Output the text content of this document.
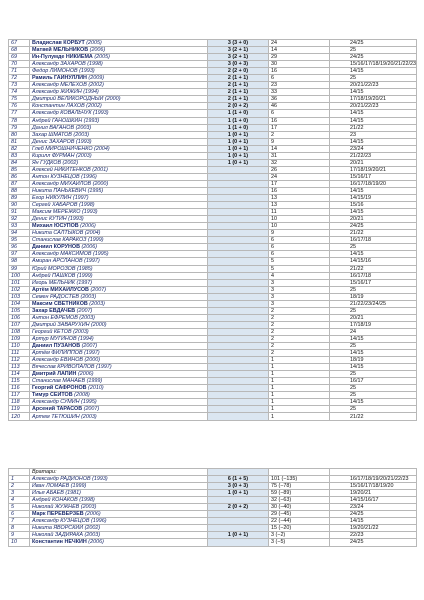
67	Владислав КОРБУТ (2005)	3 (3 + 0)	24	24/25
68	Матвей МЕЛЬНИКОВ (2006)	3 (2 + 1)	14	25
69	Ин-Пулумде НИКИЕМА (2005)	3 (2 + 1)	29	24/25
70	Александр ЗАХАРОВ (1998)	3 (0 + 3)	30	15/16/17/18/19/20/21/22/23
71	Федор ЛИМОНОВ (1993)	2 (2 + 0)	16	14/15
72	Рамиль ГАЙНУЛЛИН (2009)	2 (1 + 1)	6	25
73	Александр МЕЛЕХОВ (2002)	2 (1 + 1)	23	20/21/22/23
74	Александр ЖИЖИН (1994)	2 (1 + 1)	33	14/15
75	Дмитрий ВЕЛИКОРОДНЫЙ (2000)	2 (1 + 1)	36	17/18/19/20/21
76	Константин ЛАХОВ (2002)	2 (0 + 2)	46	20/21/22/23
77	Александр КОВАЛЬЧУК (1993)	1 (1 + 0)	6	14/15
78	Андрей ГАНОШКИН (1993)	1 (1 + 0)	16	14/15
79	Данил ВАГАНОВ (2003)	1 (1 + 0)	17	21/22
80	Захар ШМАТОВ (2003)	1 (0 + 1)	2	23
81	Денис ЗАХАРОВ (1993)	1 (0 + 1)	9	14/15
82	Глеб МИРОШНИЧЕНКО (2004)	1 (0 + 1)	14	23/24
83	Кирилл ФУРМАН (2003)	1 (0 + 1)	31	21/22/23
84	Ян ГУДКОВ (2002)	1 (0 + 1)	32	20/21
85	Алексей НИКИТЕНКОВ (2001)		26	17/18/19/20/21
86	Антон КУЗНЕЦОВ (1996)		24	15/16/17
87	Александр МИХАЙЛОВ (2000)		17	16/17/18/19/20
88	Никита ПАНЬКЕВИЧ (1995)		16	14/15
89	Егор НИКУЛИН (1997)		13	14/15/19
90	Сергей ХАБАРОВ (1998)		13	15/16
91	Максим МЕРЕЖКО (1993)		11	14/15
92	Денис КУТИН (1993)		10	20/21
93	Михаил ЮСУПОВ (2006)		10	24/25
94	Никита САЛТЫКОВ (2004)		9	21/22
95	Станислав КАРАКОЗ (1999)		6	16/17/18
96	Даниил КОРУНОВ (2006)		6	25
97	Александр МАКСИМОВ (1995)		6	14/15
98	Амиран АРСЛАНОВ (1997)		5	14/15/16
99	Юрий МОРОЗОВ (1985)		5	21/22
100	Андрей ПАШКОВ (1999)		4	16/17/18
101	Игорь МЕЛЬНИК (1997)		3	15/16/17
102	Артём МИХАЙЛУСОВ (2007)		3	25
103	Семен РАДОСТЕВ (2003)		3	18/19
104	Максим СВЕТНИКОВ (2003)		3	21/22/23/24/25
105	Захар ЕВДАЧЕВ (2007)		2	25
106	Антон ЕФРЕМОВ (2003)		2	20/21
107	Дмитрий ЗАВАРУХИН (2000)		2	17/18/19
108	Георгий КЕТОВ (2003)		2	24
109	Артур МУГИНОВ (1994)		2	14/15
110	Даниил ПУЗАНОВ (2007)		2	25
111	Артём ФИЛИППОВ (1997)		2	14/15
112	Александр ЕВИНОВ (2000)		1	18/19
113	Вячеслав КРИВОПАЛОВ (1997)		1	14/15
114	Дмитрий ЛАПИН (2006)		1	25
115	Станислав МАНАЕВ (1999)		1	16/17
116	Георгий САФРОНОВ (2010)		1	25
117	Тимур СЕИТОВ (2008)		1	25
118	Александр СУМИН (1995)		1	14/15
119	Арсений ТАРАСОВ (2007)		1	25
120	Артем ТЕТЮШИН (2003)		1	21/22
	Вратари:			
1	Александр РАДИОНОВ (1993)	6 (1 + 5)	101 (−135)	16/17/18/19/20/21/22/23
2	Иван ЛОМАЕВ (1999)	3 (0 + 3)	75 (−78)	15/16/17/18/19/20
3	Илья АБАЕВ (1981)	1 (0 + 1)	59 (−89)	19/20/21
4	Андрей КОНАКОВ (1998)		32 (−63)	14/15/16/17
5	Николай ЖУЖНЕВ (2003)	2 (0 + 2)	30 (−40)	23/24
6	Марк ПЕРЕВЕРЗЕВ (2006)		29 (−45)	24/25
7	Александр КУЗНЕЦОВ (1996)		22 (−44)	14/15
8	Никита ЯВОРСКИЙ (2002)		15 (−20)	19/20/21/22
9	Николай ЗАДИРАКА (2003)	1 (0 + 1)	3 (−2)	22/23
10	Константин НЕЧКИН (2006)		3 (−5)	24/25
